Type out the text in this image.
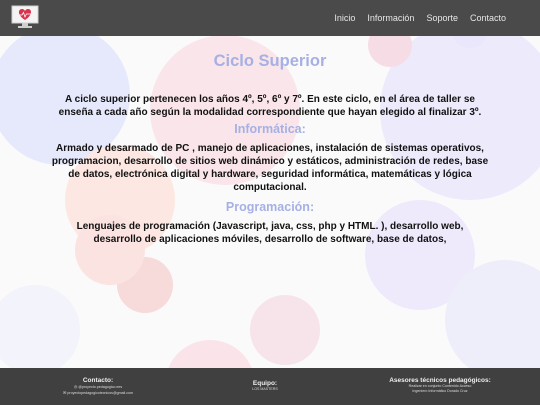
Inicio Información Soporte Contacto
Ciclo Superior
A ciclo superior pertenecen los años 4º, 5º, 6º y 7º. En este ciclo, en el área de taller se enseña a cada año según la modalidad correspondiente que hayan elegido al finalizar 3º.
Informática:
Armado y desarmado de PC , manejo de aplicaciones, instalación de sistemas operativos, programacion, desarrollo de sitios web dinámico y estáticos, administración de redes, base de datos, electrónica digital y hardware, seguridad informática, matemáticas y lógica computacional.
Programación:
Lenguajes de programación (Javascript, java, css, php y HTML. ), desarrollo web, desarrollo de aplicaciones móviles, desarrollo de software, base de datos,
Contacto:
◎@proyecto.pedagogico.ees
✉proyectopedagogicotecnicos@gmail.com
Equipo:
LOS MASTERS
Asesores técnicos pedagógicos:
Realizar en conjunto Contenido Acceso
Ingeniero Informático Dorado Cruz
